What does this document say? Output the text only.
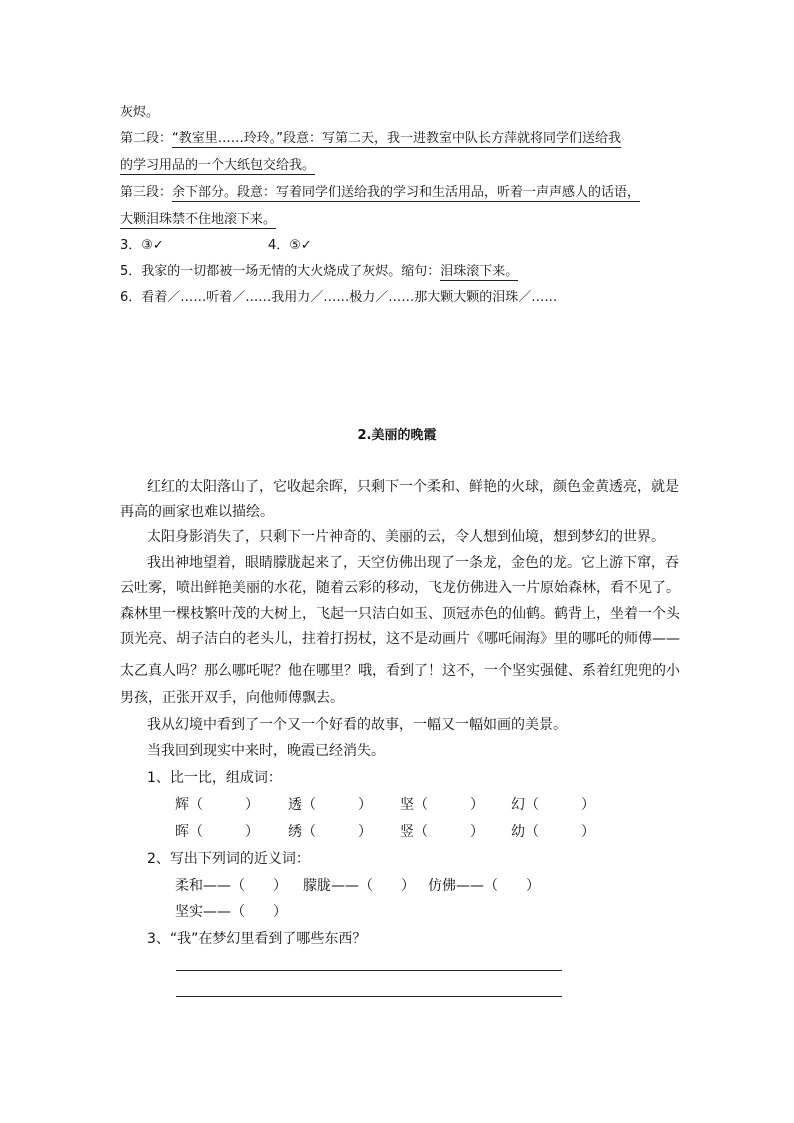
灰烬。
第二段：“教室里……玲玲。”段意：写第二天，我一进教室中队长方萍就将同学们送给我
的学习用品的一个大纸包交给我。
第三段：余下部分。段意：写着同学们送给我的学习和生活用品，听着一声声感人的话语，
大颗泪珠禁不住地滚下来。
3．③✓	4．⑤✓
5．我家的一切都被一场无情的大火烧成了灰烬。缩句：泪珠滚下来。
6．看着／……听着／……我用力／……极力／……那大颗大颗的泪珠／……
2.美丽的晚霞
红红的太阳落山了，它收起余晖，只剩下一个柔和、鲜艳的火球，颜色金黄透亮，就是
再高的画家也难以描绘。
太阳身影消失了，只剩下一片神奇的、美丽的云，令人想到仙境，想到梦幻的世界。
我出神地望着，眼睛朦胧起来了，天空仿佛出现了一条龙，金色的龙。它上游下窜，吞
云吐雾，喷出鲜艳美丽的水花，随着云彩的移动，飞龙仿佛进入一片原始森林，看不见了。
森林里一棵枝繁叶茂的大树上，飞起一只洁白如玉、顶冠赤色的仙鹤。鹤背上，坐着一个头
顶光亮、胡子洁白的老头儿，拄着打拐杖，这不是动画片《哪吒闹海》里的哪吒的师傅——
太乙真人吗？那么哪吒呢？他在哪里？哦，看到了！这不，一个坚实强健、系着红兜兜的小
男孩，正张开双手，向他师傅飘去。
我从幻境中看到了一个又一个好看的故事，一幅又一幅如画的美景。
当我回到现实中来时，晚霞已经消失。
1、比一比，组成词：
辉（　　　） 透（　　　） 坚（　　　） 幻（　　　）
晖（　　　） 绣（　　　） 竖（　　　） 幼（　　　）
2、写出下列词的近义词：
柔和——（　　） 朦胧——（　　） 仿佛——（　　）
坚实——（　　）
3、“我”在梦幻里看到了哪些东西？
